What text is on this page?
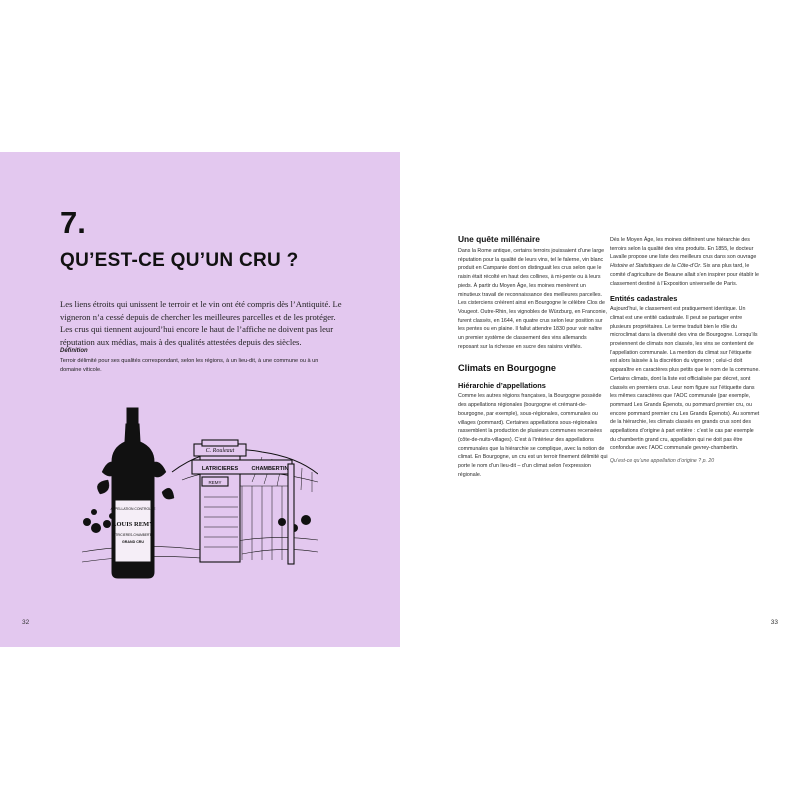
7.
QU’EST-CE QU’UN CRU ?
Les liens étroits qui unissent le terroir et le vin ont été compris dès l’Antiquité. Le vigneron n’a cessé depuis de chercher les meilleures parcelles et de les protéger. Les crus qui tiennent aujourd’hui encore le haut de l’affiche ne doivent pas leur réputation aux médias, mais à des qualités attestées depuis des siècles.
Définition
Terroir délimité pour ses qualités correspondant, selon les régions, à un lieu-dit, à une commune ou à un domaine viticole.
C. Rouleaut
LATRICIERES CHAMBERTIN
REMY
APPELLATION CONTROLEE
LOUIS REMY
LATRICIERES-CHAMBERTIN
GRAND CRU
32
Une quête millénaire
Dans la Rome antique, certains terroirs jouissaient d’une large réputation pour la qualité de leurs vins, tel le falerne, vin blanc produit en Campanie dont on distinguait les crus selon que le raisin était récolté en haut des collines, à mi-pente ou à leurs pieds. À partir du Moyen Âge, les moines menèrent un minutieux travail de reconnaissance des meilleures parcelles. Les cisterciens créèrent ainsi en Bourgogne le célèbre Clos de Vougeot. Outre-Rhin, les vignobles de Würzburg, en Franconie, furent classés, en 1644, en quatre crus selon leur position sur les pentes ou en plaine. Il fallut attendre 1830 pour voir naître un premier système de classement des vins allemands reposant sur la richesse en sucre des raisins vinifiés.
Climats en Bourgogne
Hiérarchie d’appellations
Comme les autres régions françaises, la Bourgogne possède des appellations régionales (bourgogne et crémant-de-bourgogne, par exemple), sous-régionales, communales ou villages (pommard). Certaines appellations sous-régionales rassemblent la production de plusieurs communes recensées (côte-de-nuits-villages). C’est à l’intérieur des appellations communales que la hiérarchie se complique, avec la notion de climat. En Bourgogne, un cru est un terroir finement délimité qui porte le nom d’un lieu-dit – d’un climat selon l’expression régionale.
Dès le Moyen Âge, les moines définirent une hiérarchie des terroirs selon la qualité des vins produits. En 1855, le docteur Lavalle propose une liste des meilleurs crus dans son ouvrage Histoire et Statistiques de la Côte-d’Or. Six ans plus tard, le comité d’agriculture de Beaune allait s’en inspirer pour établir le classement destiné à l’Exposition universelle de Paris.
Entités cadastrales
Aujourd’hui, le classement est pratiquement identique. Un climat est une entité cadastrale. Il peut se partager entre plusieurs propriétaires. Le terme traduit bien le rôle du microclimat dans la diversité des vins de Bourgogne. Lorsqu’ils proviennent de climats non classés, les vins se contentent de l’appellation communale. La mention du climat sur l’étiquette est alors laissée à la discrétion du vigneron ; celui-ci doit apparaître en caractères plus petits que le nom de la commune. Certains climats, dont la liste est officialisée par décret, sont classés en premiers crus. Leur nom figure sur l’étiquette dans les mêmes caractères que l’AOC communale (par exemple, pommard Les Grands Épenots, ou pommard premier cru, ou encore pommard premier cru Les Grands Épenots). Au sommet de la hiérarchie, les climats classés en grands crus sont des appellations d’origine à part entière : c’est le cas par exemple du chambertin grand cru, appellation qui ne doit pas être confondue avec l’AOC communale gevrey-chambertin.
Qu’est-ce qu’une appellation d’origine ? p. 20
33
